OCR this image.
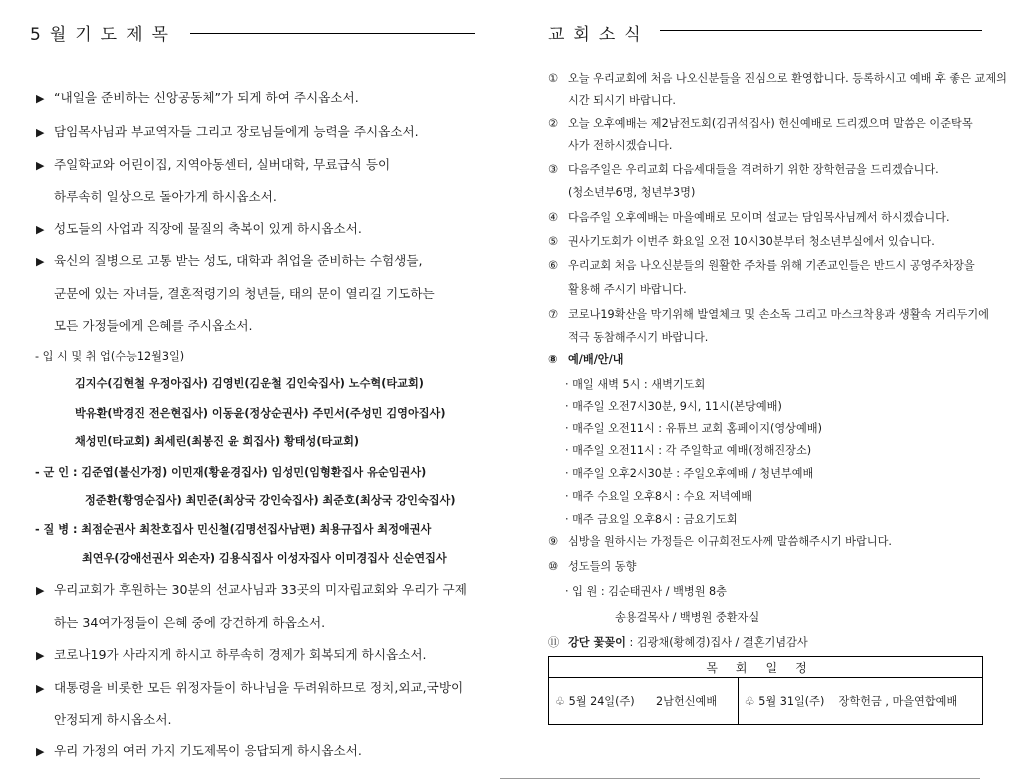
5월기도제목
▶ “내일을 준비하는 신앙공동체”가 되게 하여 주시옵소서.
▶ 담임목사님과 부교역자들 그리고 장로님들에게 능력을 주시옵소서.
▶ 주일학교와 어린이집, 지역아동센터, 실버대학, 무료급식 등이
하루속히 일상으로 돌아가게 하시옵소서.
▶ 성도들의 사업과 직장에 물질의 축복이 있게 하시옵소서.
▶ 육신의 질병으로 고통 받는 성도, 대학과 취업을 준비하는 수험생들,
군문에 있는 자녀들, 결혼적령기의 청년들, 태의 문이 열리길 기도하는
모든 가정들에게 은혜를 주시옵소서.
- 입 시 및 취 업(수능12월3일)
김지수(김현철 우정아집사) 김영빈(김운철 김인숙집사) 노수혁(타교회)
박유환(박경진 전은현집사) 이동윤(정상순권사) 주민서(주성민 김영아집사)
채성민(타교회) 최세린(최봉진 윤 희집사) 황태성(타교회)
- 군 인 : 김준엽(불신가정) 이민재(황윤경집사) 임성민(임형환집사 유순임권사)
정준환(황영순집사) 최민준(최상국 강인숙집사) 최준호(최상국 강인숙집사)
- 질 병 : 최점순권사 최찬호집사 민신철(김명선집사남편) 최용규집사 최정애권사
최연우(강애선권사 외손자) 김용식집사 이성자집사 이미경집사 신순연집사
▶ 우리교회가 후원하는 30분의 선교사님과 33곳의 미자립교회와 우리가 구제
하는 34여가정들이 은혜 중에 강건하게 하옵소서.
▶ 코로나19가 사라지게 하시고 하루속히 경제가 회복되게 하시옵소서.
▶ 대통령을 비롯한 모든 위정자들이 하나님을 두려워하므로 정치,외교,국방이
안정되게 하시옵소서.
▶ 우리 가정의 여러 가지 기도제목이 응답되게 하시옵소서.
교회소식
① 오늘 우리교회에 처음 나오신분들을 진심으로 환영합니다. 등록하시고 예배 후 좋은 교제의
시간 되시기 바랍니다.
② 오늘 오후예배는 제2남전도회(김귀석집사) 헌신예배로 드리겠으며 말씀은 이준탁목
사가 전하시겠습니다.
③ 다음주일은 우리교회 다음세대들을 격려하기 위한 장학헌금을 드리겠습니다.
(청소년부6명, 청년부3명)
④ 다음주일 오후예배는 마을예배로 모이며 설교는 담임목사님께서 하시겠습니다.
⑤ 권사기도회가 이번주 화요일 오전 10시30분부터 청소년부실에서 있습니다.
⑥ 우리교회 처음 나오신분들의 원활한 주차를 위해 기존교인들은 반드시 공영주차장을
활용해 주시기 바랍니다.
⑦ 코로나19확산을 막기위해 발열체크 및 손소독 그리고 마스크착용과 생활속 거리두기에
적극 동참해주시기 바랍니다.
⑧ 예/배/안/내
· 매일 새벽 5시 : 새벽기도회
· 매주일 오전7시30분, 9시, 11시(본당예배)
· 매주일 오전11시 : 유튜브 교회 홈페이지(영상예배)
· 매주일 오전11시 : 각 주일학교 예배(정해진장소)
· 매주일 오후2시30분 : 주일오후예배 / 청년부예배
· 매주 수요일 오후8시 : 수요 저녁예배
· 매주 금요일 오후8시 : 금요기도회
⑨ 심방을 원하시는 가정들은 이규희전도사께 말씀해주시기 바랍니다.
⑩ 성도들의 동향
· 입 원 : 김순태권사 / 백병원 8층
송용걸목사 / 백병원 중환자실
⑪ 강단 꽃꽂이 : 김광채(황혜경)집사 / 결혼기념감사
목회일정
♧ 5월 24일(주) 2남헌신예배	♧ 5월 31일(주) 장학헌금 , 마을연합예배
